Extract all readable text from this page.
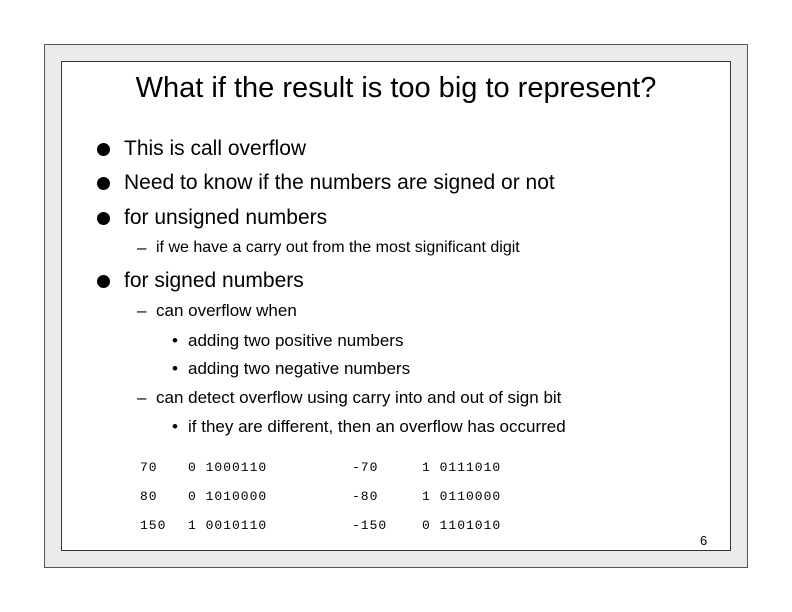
What if the result is too big to represent?
This is call overflow
Need to know if the numbers are signed or not
for unsigned numbers
– if we have a carry out from the most significant digit
for signed numbers
– can overflow when
• adding two positive numbers
• adding two negative numbers
– can detect overflow using carry into and out of sign bit
• if they are different, then an overflow has occurred
70 0 1000110	-70	1 0111010
80 0 1010000	-80	1 0110000
150 1 0010110	-150	0 1101010
6
